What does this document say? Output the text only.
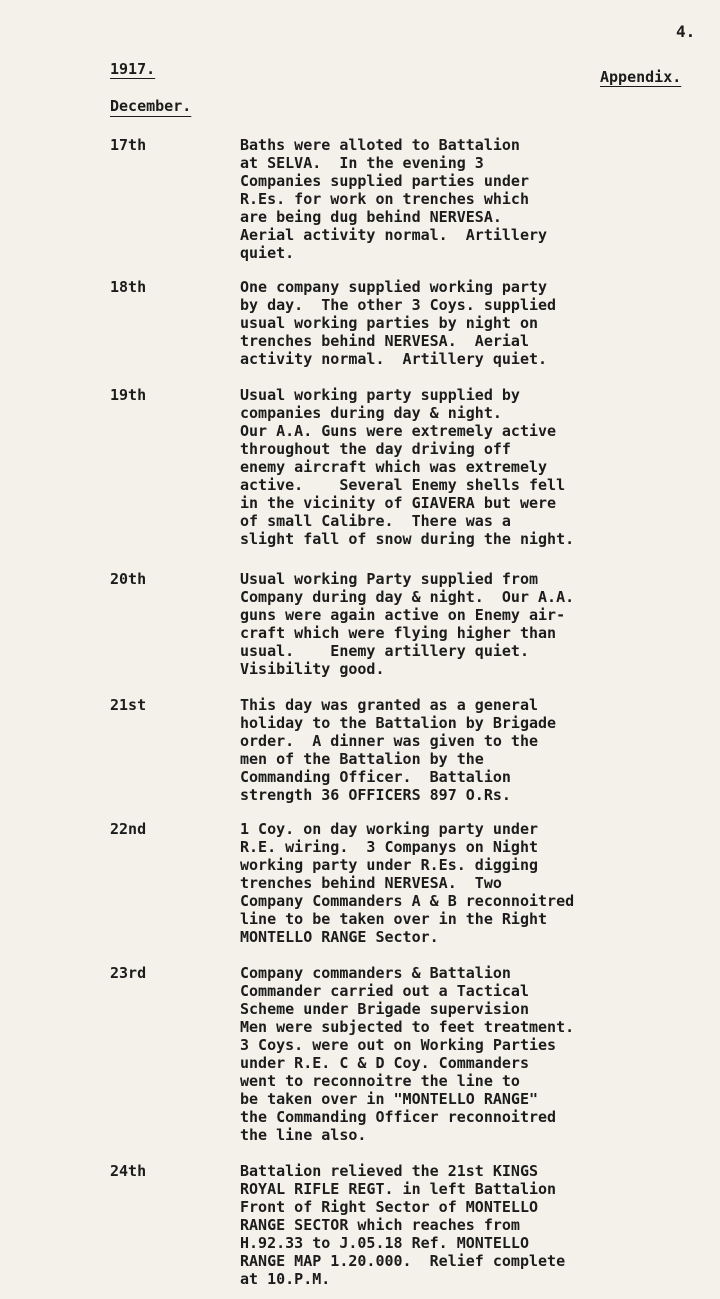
4.
1917.	Appendix.
December.
17th	Baths were alloted to Battalion
at SELVA.  In the evening 3
Companies supplied parties under
R.Es. for work on trenches which
are being dug behind NERVESA.
Aerial activity normal.  Artillery
quiet.
18th	One company supplied working party
by day.  The other 3 Coys. supplied
usual working parties by night on
trenches behind NERVESA.  Aerial
activity normal.  Artillery quiet.
19th	Usual working party supplied by
companies during day & night.
Our A.A. Guns were extremely active
throughout the day driving off
enemy aircraft which was extremely
active.    Several Enemy shells fell
in the vicinity of GIAVERA but were
of small Calibre.  There was a
slight fall of snow during the night.
20th	Usual working Party supplied from
Company during day & night.  Our A.A.
guns were again active on Enemy air-
craft which were flying higher than
usual.    Enemy artillery quiet.
Visibility good.
21st	This day was granted as a general
holiday to the Battalion by Brigade
order.  A dinner was given to the
men of the Battalion by the
Commanding Officer.  Battalion
strength 36 OFFICERS 897 O.Rs.
22nd	1 Coy. on day working party under
R.E. wiring.  3 Companys on Night
working party under R.Es. digging
trenches behind NERVESA.  Two
Company Commanders A & B reconnoitred
line to be taken over in the Right
MONTELLO RANGE Sector.
23rd	Company commanders & Battalion
Commander carried out a Tactical
Scheme under Brigade supervision
Men were subjected to feet treatment.
3 Coys. were out on Working Parties
under R.E. C & D Coy. Commanders
went to reconnoitre the line to
be taken over in "MONTELLO RANGE"
the Commanding Officer reconnoitred
the line also.
24th	Battalion relieved the 21st KINGS
ROYAL RIFLE REGT. in left Battalion
Front of Right Sector of MONTELLO
RANGE SECTOR which reaches from
H.92.33 to J.05.18 Ref. MONTELLO
RANGE MAP 1.20.000.  Relief complete
at 10.P.M.
